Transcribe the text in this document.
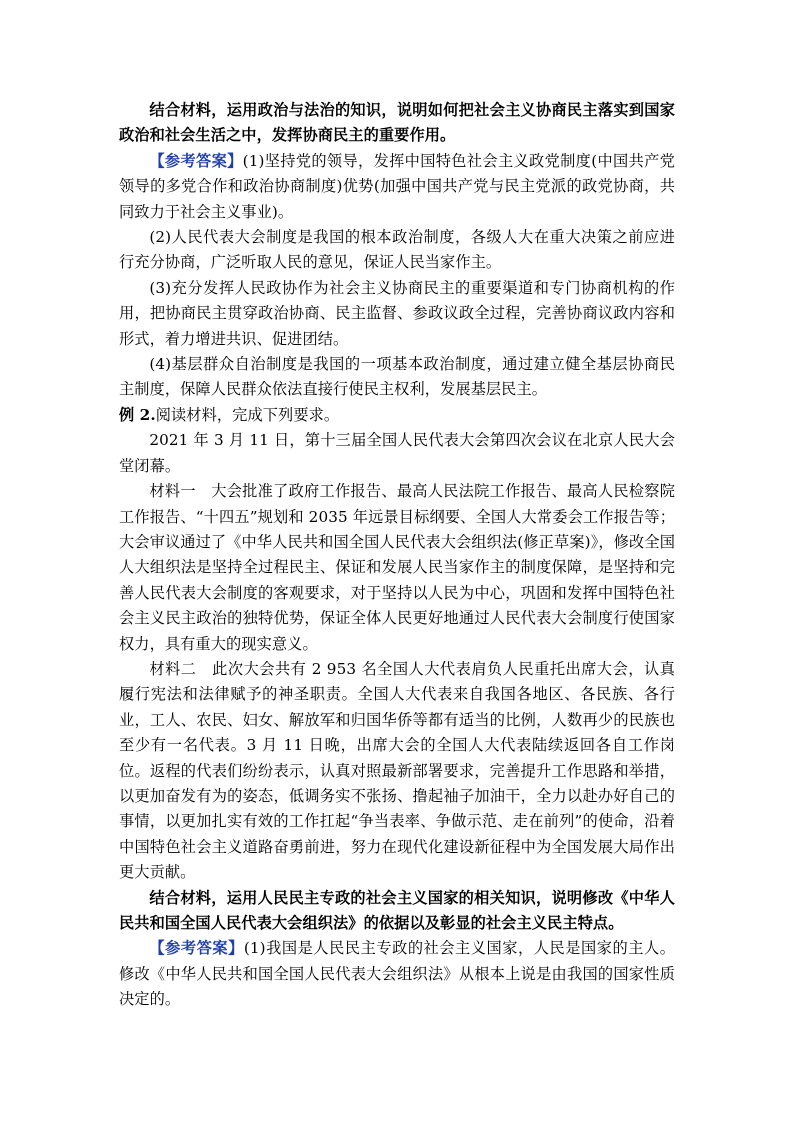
结合材料，运用政治与法治的知识，说明如何把社会主义协商民主落实到国家政治和社会生活之中，发挥协商民主的重要作用。

【参考答案】(1)坚持党的领导，发挥中国特色社会主义政党制度(中国共产党领导的多党合作和政治协商制度)优势(加强中国共产党与民主党派的政党协商，共同致力于社会主义事业)。

(2)人民代表大会制度是我国的根本政治制度，各级人大在重大决策之前应进行充分协商，广泛听取人民的意见，保证人民当家作主。

(3)充分发挥人民政协作为社会主义协商民主的重要渠道和专门协商机构的作用，把协商民主贯穿政治协商、民主监督、参政议政全过程，完善协商议政内容和形式，着力增进共识、促进团结。

(4)基层群众自治制度是我国的一项基本政治制度，通过建立健全基层协商民主制度，保障人民群众依法直接行使民主权利，发展基层民主。

例 2.阅读材料，完成下列要求。

2021 年 3 月 11 日，第十三届全国人民代表大会第四次会议在北京人民大会堂闭幕。

材料一　大会批准了政府工作报告、最高人民法院工作报告、最高人民检察院工作报告、“十四五”规划和 2035 年远景目标纲要、全国人大常委会工作报告等；大会审议通过了《中华人民共和国全国人民代表大会组织法(修正草案)》，修改全国人大组织法是坚持全过程民主、保证和发展人民当家作主的制度保障，是坚持和完善人民代表大会制度的客观要求，对于坚持以人民为中心，巩固和发挥中国特色社会主义民主政治的独特优势，保证全体人民更好地通过人民代表大会制度行使国家权力，具有重大的现实意义。

材料二　此次大会共有 2 953 名全国人大代表肩负人民重托出席大会，认真履行宪法和法律赋予的神圣职责。全国人大代表来自我国各地区、各民族、各行业，工人、农民、妇女、解放军和归国华侨等都有适当的比例，人数再少的民族也至少有一名代表。3 月 11 日晚，出席大会的全国人大代表陆续返回各自工作岗位。返程的代表们纷纷表示，认真对照最新部署要求，完善提升工作思路和举措，以更加奋发有为的姿态，低调务实不张扬、撸起袖子加油干，全力以赴办好自己的事情，以更加扎实有效的工作扛起“争当表率、争做示范、走在前列”的使命，沿着中国特色社会主义道路奋勇前进，努力在现代化建设新征程中为全国发展大局作出更大贡献。

结合材料，运用人民民主专政的社会主义国家的相关知识，说明修改《中华人民共和国全国人民代表大会组织法》的依据以及彰显的社会主义民主特点。

【参考答案】(1)我国是人民民主专政的社会主义国家，人民是国家的主人。修改《中华人民共和国全国人民代表大会组织法》从根本上说是由我国的国家性质决定的。
